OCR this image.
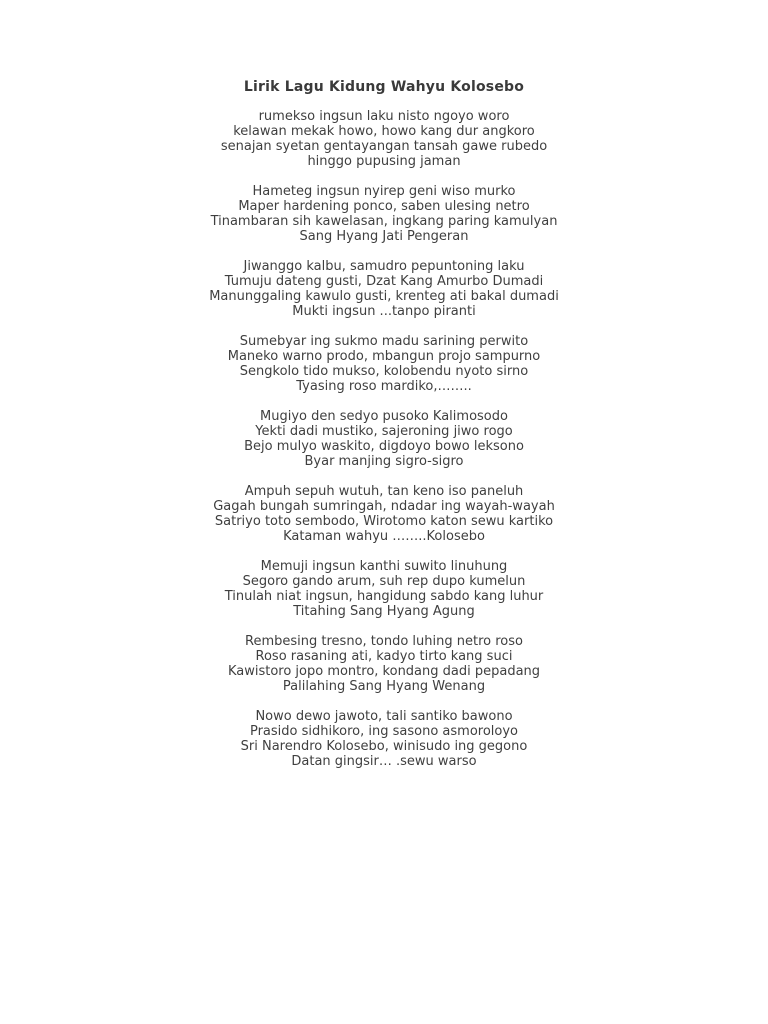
Lirik Lagu Kidung Wahyu Kolosebo
rumekso ingsun laku nisto ngoyo woro
kelawan mekak howo, howo kang dur angkoro
senajan syetan gentayangan tansah gawe rubedo
hinggo pupusing jaman
Hameteg ingsun nyirep geni wiso murko
Maper hardening ponco, saben ulesing netro
Tinambaran sih kawelasan, ingkang paring kamulyan
Sang Hyang Jati Pengeran
Jiwanggo kalbu, samudro pepuntoning laku
Tumuju dateng gusti, Dzat Kang Amurbo Dumadi
Manunggaling kawulo gusti, krenteg ati bakal dumadi
Mukti ingsun ...tanpo piranti
Sumebyar ing sukmo madu sarining perwito
Maneko warno prodo, mbangun projo sampurno
Sengkolo tido mukso, kolobendu nyoto sirno
Tyasing roso mardiko,……..
Mugiyo den sedyo pusoko Kalimosodo
Yekti dadi mustiko, sajeroning jiwo rogo
Bejo mulyo waskito, digdoyo bowo leksono
Byar manjing sigro-sigro
Ampuh sepuh wutuh, tan keno iso paneluh
Gagah bungah sumringah, ndadar ing wayah-wayah
Satriyo toto sembodo, Wirotomo katon sewu kartiko
Kataman wahyu ……..Kolosebo
Memuji ingsun kanthi suwito linuhung
Segoro gando arum, suh rep dupo kumelun
Tinulah niat ingsun, hangidung sabdo kang luhur
Titahing Sang Hyang Agung
Rembesing tresno, tondo luhing netro roso
Roso rasaning ati, kadyo tirto kang suci
Kawistoro jopo montro, kondang dadi pepadang
Palilahing Sang Hyang Wenang
Nowo dewo jawoto, tali santiko bawono
Prasido sidhikoro, ing sasono asmoroloyo
Sri Narendro Kolosebo, winisudo ing gegono
Datan gingsir… .sewu warso
